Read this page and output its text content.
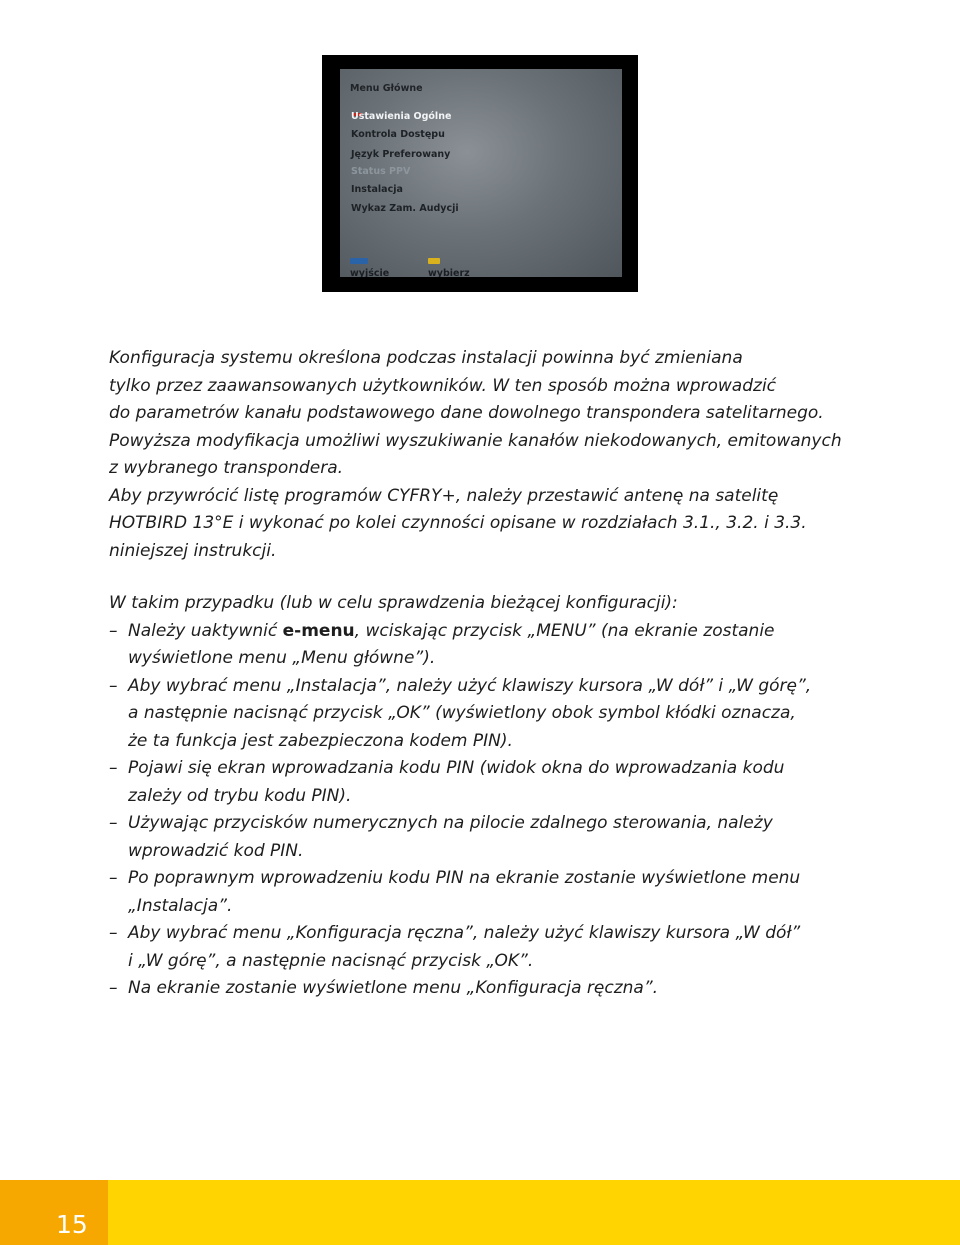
Menu Główne
Ustawienia Ogólne
Kontrola Dostępu
Język Preferowany
Status PPV
Instalacja
Wykaz Zam. Audycji
wyjście	wybierz

Konfiguracja systemu określona podczas instalacji powinna być zmieniana

tylko przez zaawansowanych użytkowników. W ten sposób można wprowadzić

do parametrów kanału podstawowego dane dowolnego transpondera satelitarnego.

Powyższa modyfikacja umożliwi wyszukiwanie kanałów niekodowanych, emitowanych

z wybranego transpondera.

Aby przywrócić listę programów CYFRY+, należy przestawić antenę na satelitę

HOTBIRD 13°E i wykonać po kolei czynności opisane w rozdziałach 3.1., 3.2. i 3.3.

niniejszej instrukcji.

W takim przypadku (lub w celu sprawdzenia bieżącej konfiguracji):

– Należy uaktywnić e-menu, wciskając przycisk „MENU” (na ekranie zostanie
wyświetlone menu „Menu główne”).
– Aby wybrać menu „Instalacja”, należy użyć klawiszy kursora „W dół” i „W górę”,
a następnie nacisnąć przycisk „OK” (wyświetlony obok symbol kłódki oznacza,
że ta funkcja jest zabezpieczona kodem PIN).
– Pojawi się ekran wprowadzania kodu PIN (widok okna do wprowadzania kodu
zależy od trybu kodu PIN).
– Używając przycisków numerycznych na pilocie zdalnego sterowania, należy
wprowadzić kod PIN.
– Po poprawnym wprowadzeniu kodu PIN na ekranie zostanie wyświetlone menu
„Instalacja”.
– Aby wybrać menu „Konfiguracja ręczna”, należy użyć klawiszy kursora „W dół”
i „W górę”, a następnie nacisnąć przycisk „OK”.
– Na ekranie zostanie wyświetlone menu „Konfiguracja ręczna”.
15
